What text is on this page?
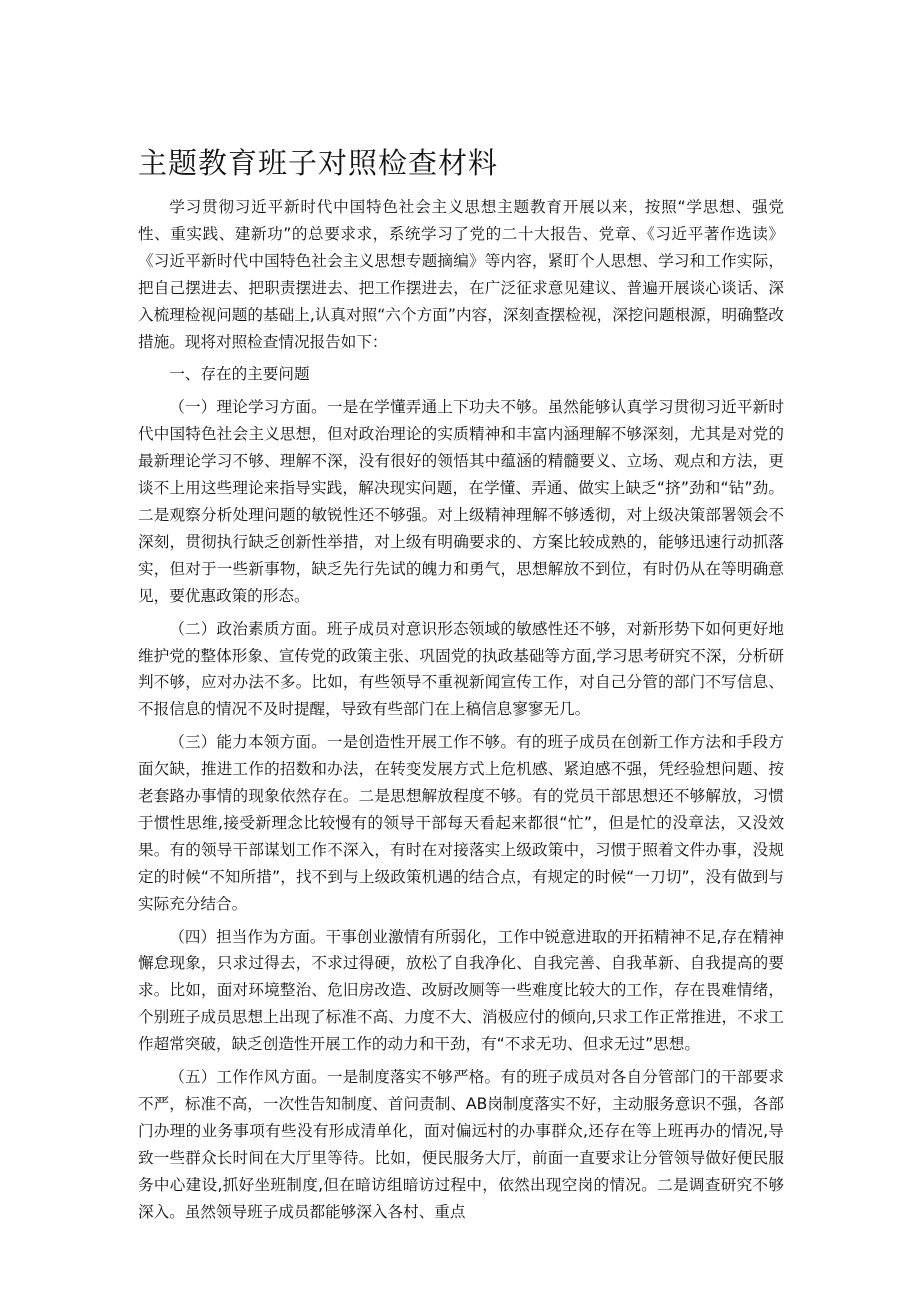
主题教育班子对照检查材料

学习贯彻习近平新时代中国特色社会主义思想主题教育开展以来，按照“学思想、强党性、重实践、建新功”的总要求求，系统学习了党的二十大报告、党章、《习近平著作选读》《习近平新时代中国特色社会主义思想专题摘编》等内容，紧盯个人思想、学习和工作实际，把自己摆进去、把职责摆进去、把工作摆进去，在广泛征求意见建议、普遍开展谈心谈话、深入梳理检视问题的基础上,认真对照“六个方面”内容，深刻查摆检视，深挖问题根源，明确整改措施。现将对照检查情况报告如下：

一、存在的主要问题

（一）理论学习方面。一是在学懂弄通上下功夫不够。虽然能够认真学习贯彻习近平新时代中国特色社会主义思想，但对政治理论的实质精神和丰富内涵理解不够深刻，尤其是对党的最新理论学习不够、理解不深，没有很好的领悟其中蕴涵的精髓要义、立场、观点和方法，更谈不上用这些理论来指导实践，解决现实问题，在学懂、弄通、做实上缺乏“挤”劲和“钻”劲。二是观察分析处理问题的敏锐性还不够强。对上级精神理解不够透彻，对上级决策部署领会不深刻，贯彻执行缺乏创新性举措，对上级有明确要求的、方案比较成熟的，能够迅速行动抓落实，但对于一些新事物，缺乏先行先试的魄力和勇气，思想解放不到位，有时仍从在等明确意见，要优惠政策的形态。

（二）政治素质方面。班子成员对意识形态领域的敏感性还不够，对新形势下如何更好地维护党的整体形象、宣传党的政策主张、巩固党的执政基础等方面,学习思考研究不深，分析研判不够，应对办法不多。比如，有些领导不重视新闻宣传工作，对自己分管的部门不写信息、不报信息的情况不及时提醒，导致有些部门在上稿信息寥寥无几。

（三）能力本领方面。一是创造性开展工作不够。有的班子成员在创新工作方法和手段方面欠缺，推进工作的招数和办法，在转变发展方式上危机感、紧迫感不强，凭经验想问题、按老套路办事情的现象依然存在。二是思想解放程度不够。有的党员干部思想还不够解放，习惯于惯性思维,接受新理念比较慢有的领导干部每天看起来都很“忙”，但是忙的没章法，又没效果。有的领导干部谋划工作不深入，有时在对接落实上级政策中，习惯于照着文件办事，没规定的时候“不知所措”，找不到与上级政策机遇的结合点，有规定的时候“一刀切”，没有做到与实际充分结合。

（四）担当作为方面。干事创业激情有所弱化，工作中锐意进取的开拓精神不足,存在精神懈怠现象，只求过得去，不求过得硬，放松了自我净化、自我完善、自我革新、自我提高的要求。比如，面对环境整治、危旧房改造、改厨改厕等一些难度比较大的工作，存在畏难情绪，个别班子成员思想上出现了标准不高、力度不大、消极应付的倾向,只求工作正常推进，不求工作超常突破，缺乏创造性开展工作的动力和干劲，有“不求无功、但求无过”思想。

（五）工作作风方面。一是制度落实不够严格。有的班子成员对各自分管部门的干部要求不严，标准不高，一次性告知制度、首问责制、AB岗制度落实不好，主动服务意识不强，各部门办理的业务事项有些没有形成清单化，面对偏远村的办事群众,还存在等上班再办的情况,导致一些群众长时间在大厅里等待。比如，便民服务大厅，前面一直要求让分管领导做好便民服务中心建设,抓好坐班制度,但在暗访组暗访过程中，依然出现空岗的情况。二是调查研究不够深入。虽然领导班子成员都能够深入各村、重点
